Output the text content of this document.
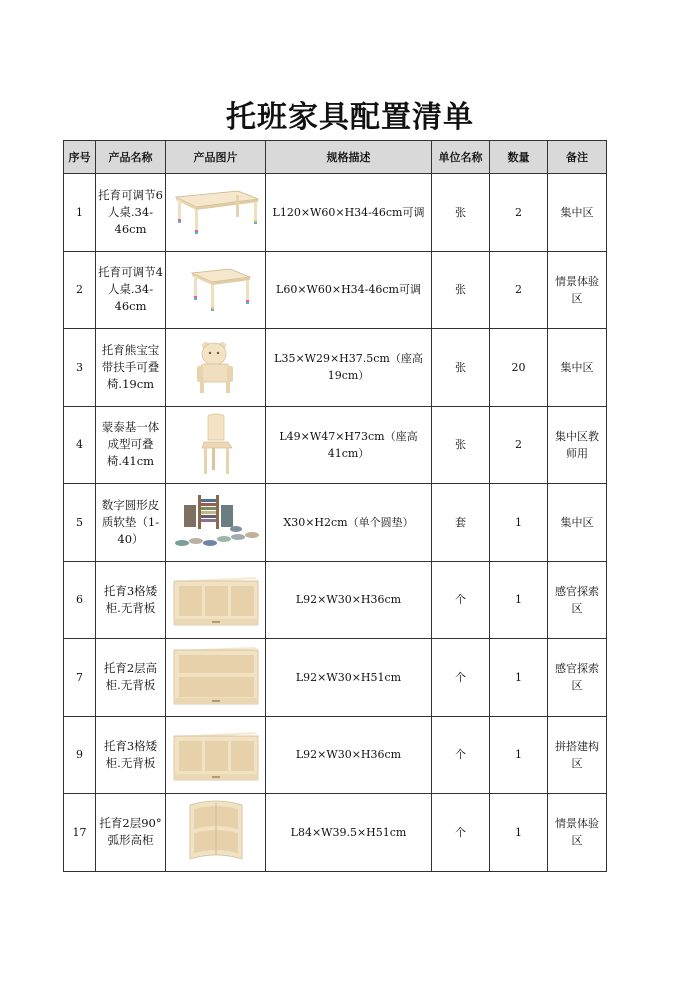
托班家具配置清单
序号	产品名称	产品图片	规格描述	单位名称	数量	备注
1	托育可调节6人桌.34-46cm		L120×W60×H34-46cm可调	张	2	集中区
2	托育可调节4人桌.34-46cm		L60×W60×H34-46cm可调	张	2	情景体验区
3	托育熊宝宝带扶手可叠椅.19cm		L35×W29×H37.5cm（座高19cm）	张	20	集中区
4	蒙泰基一体成型可叠椅.41cm		L49×W47×H73cm（座高41cm）	张	2	集中区教师用
5	数字圆形皮质软垫（1-40）		X30×H2cm（单个圆垫）	套	1	集中区
6	托育3格矮柜.无背板		L92×W30×H36cm	个	1	感官探索区
7	托育2层高柜.无背板		L92×W30×H51cm	个	1	感官探索区
9	托育3格矮柜.无背板		L92×W30×H36cm	个	1	拼搭建构区
17	托育2层90°弧形高柜		L84×W39.5×H51cm	个	1	情景体验区
